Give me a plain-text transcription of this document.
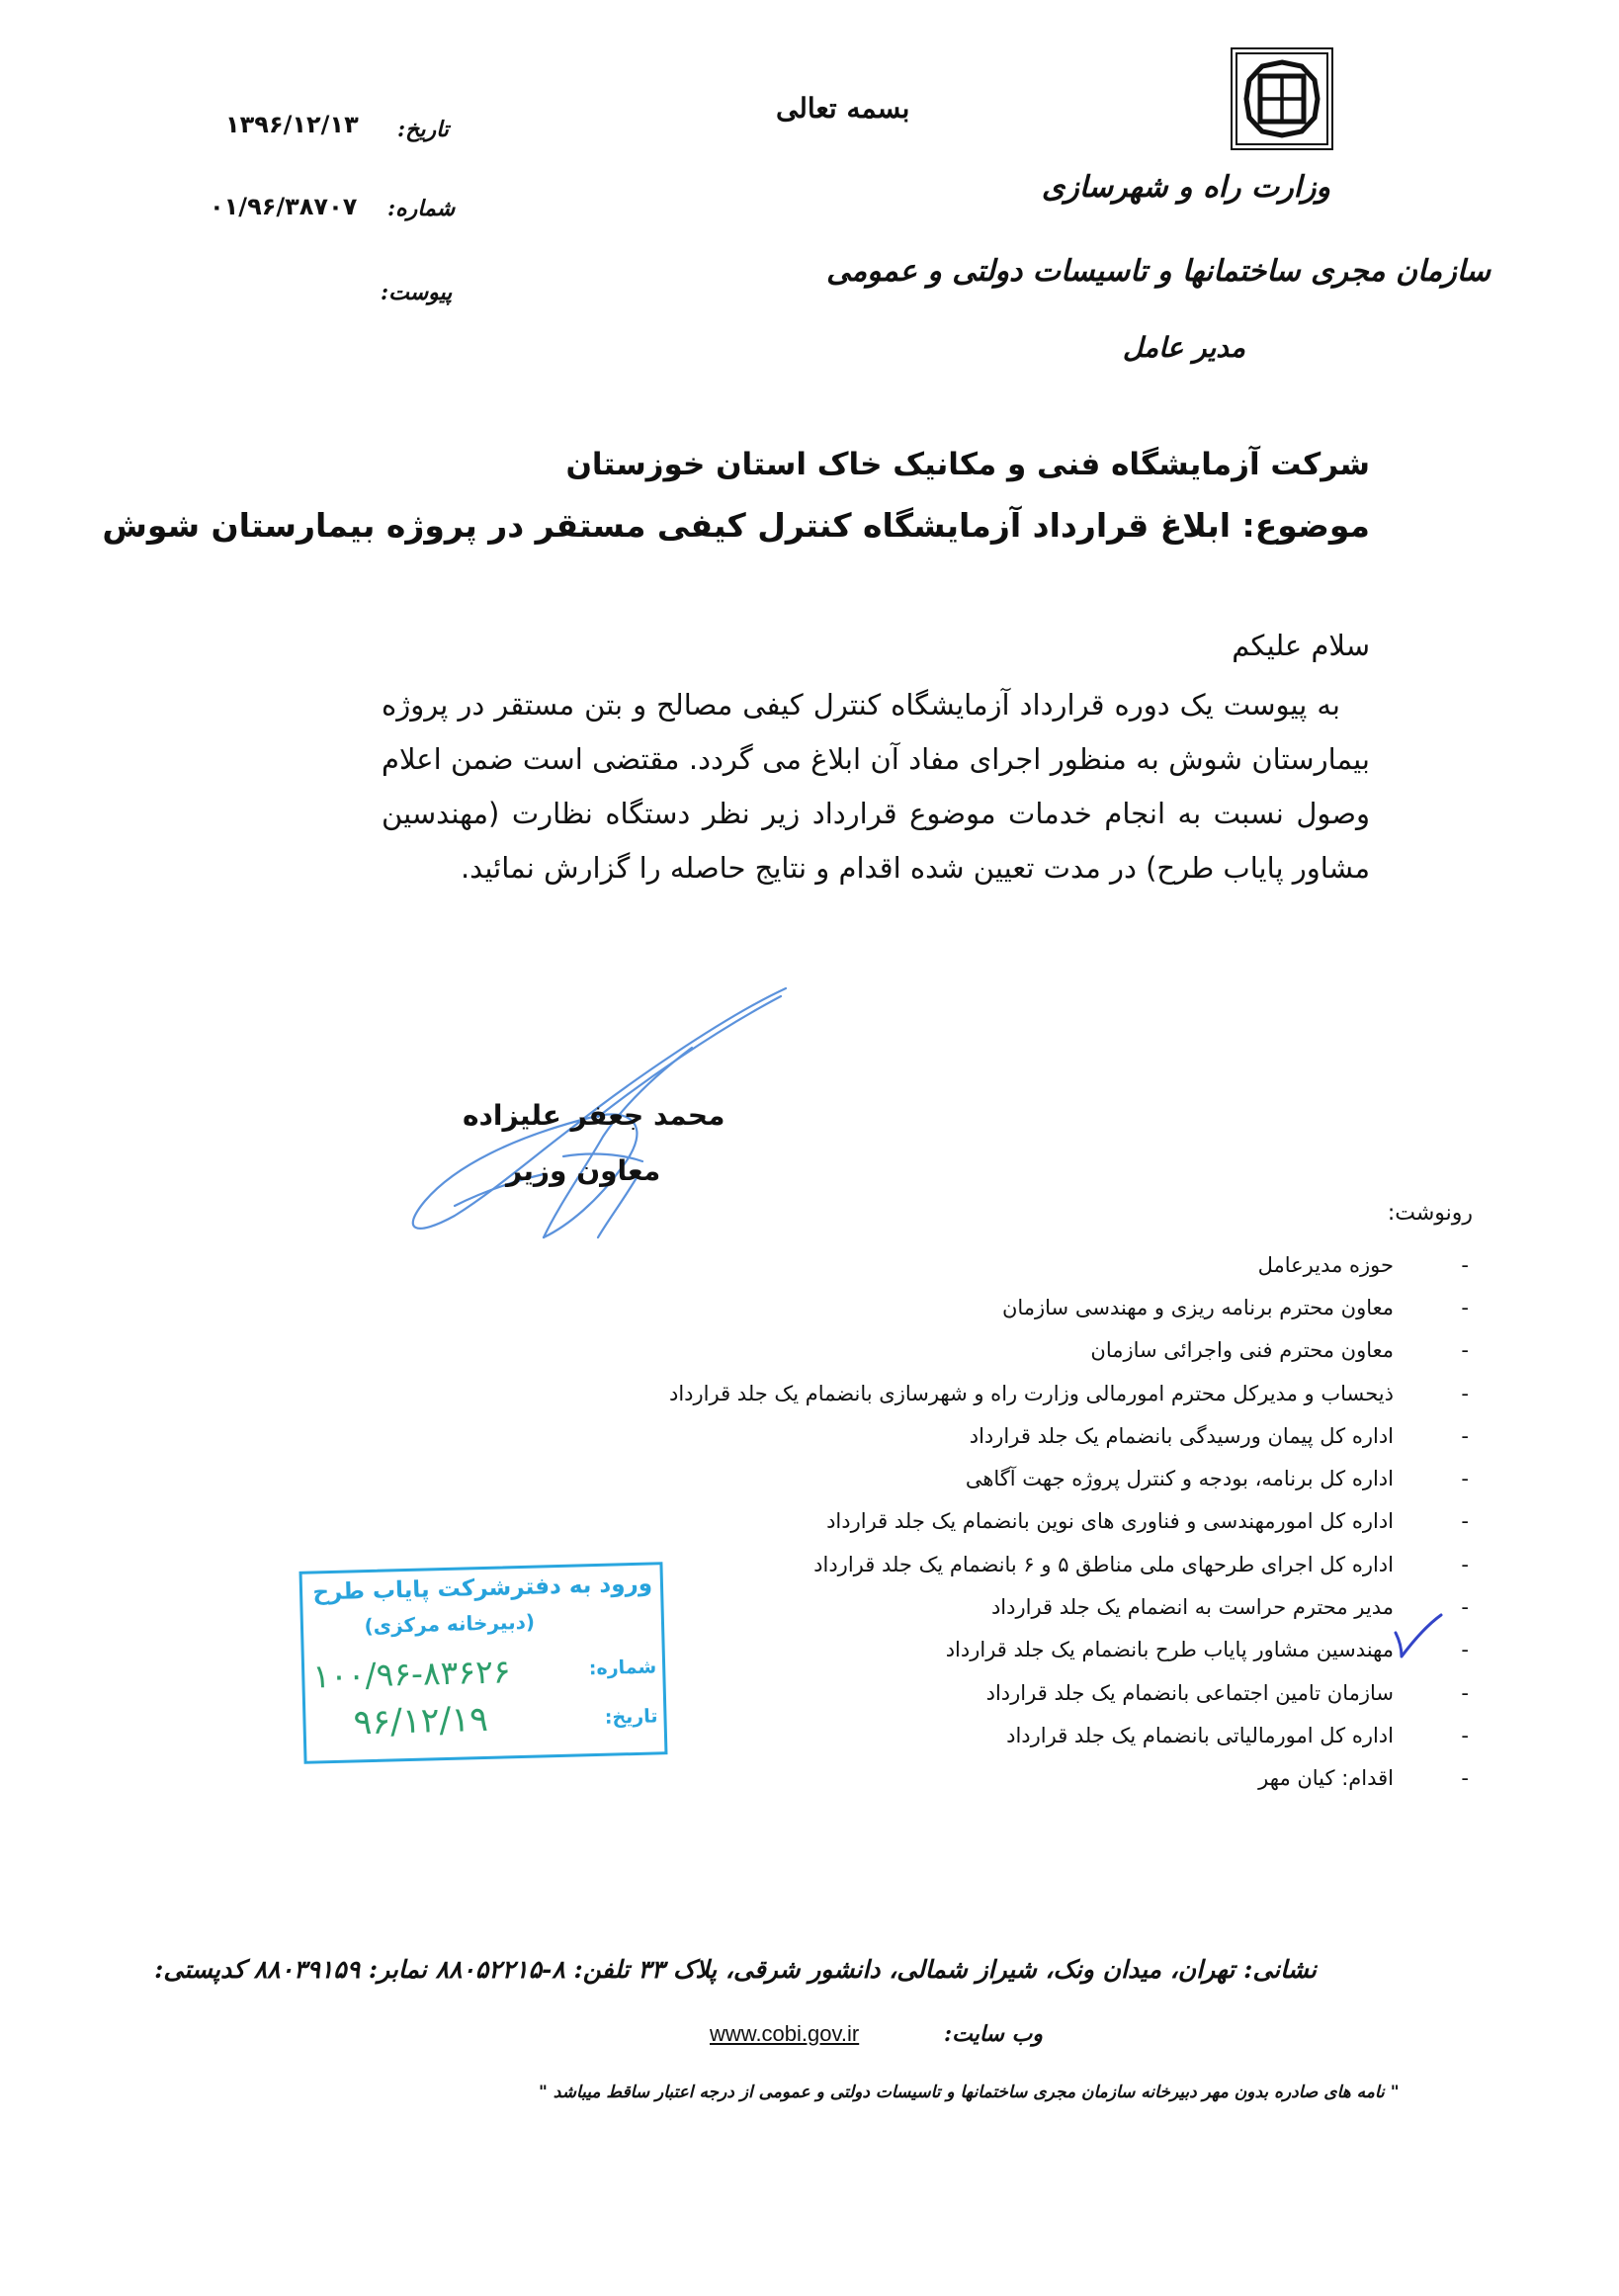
وزارت راه و شهرسازی
سازمان مجری ساختمانها و تاسیسات دولتی و عمومی
مدیر عامل
بسمه تعالی
تاریخ:
۱۳۹۶/۱۲/۱۳
شماره:
۰۱/۹۶/۳۸۷۰۷
پیوست:
شرکت آزمایشگاه فنی و مکانیک خاک استان خوزستان
موضوع: ابلاغ قرارداد آزمایشگاه کنترل کیفی مستقر در پروژه بیمارستان شوش
سلام علیکم
به پیوست یک دوره قرارداد آزمایشگاه کنترل کیفی مصالح و بتن مستقر در پروژه بیمارستان شوش به منظور اجرای مفاد آن ابلاغ می گردد. مقتضی است ضمن اعلام وصول نسبت به انجام خدمات موضوع قرارداد زیر نظر دستگاه نظارت (مهندسین مشاور پایاب طرح) در مدت تعیین شده اقدام و نتایج حاصله را گزارش نمائید.
محمد جعفر علیزاده
معاون وزیر
رونوشت:
-
حوزه مدیرعامل
-
معاون محترم برنامه ریزی و مهندسی سازمان
-
معاون محترم فنی واجرائی سازمان
-
ذیحساب و مدیرکل محترم امورمالی وزارت راه و شهرسازی بانضمام یک جلد قرارداد
-
اداره کل پیمان ورسیدگی بانضمام یک جلد قرارداد
-
اداره کل برنامه، بودجه و کنترل پروژه جهت آگاهی
-
اداره کل امورمهندسی و فناوری های نوین بانضمام یک جلد قرارداد
-
اداره کل اجرای طرحهای ملی مناطق ۵ و ۶ بانضمام یک جلد قرارداد
-
مدیر محترم حراست به انضمام یک جلد قرارداد
-
مهندسین مشاور پایاب طرح بانضمام یک جلد قرارداد
-
سازمان تامین اجتماعی بانضمام یک جلد قرارداد
-
اداره کل امورمالیاتی بانضمام یک جلد قرارداد
-
اقدام: کیان مهر
ورود به دفترشرکت پایاب طرح
(دبیرخانه مرکزی)
شماره:
۱۰۰/۹۶-۸۳۶۲۶
تاریخ:
۹۶/۱۲/۱۹
نشانی: تهران، میدان ونک، شیراز شمالی، دانشور شرقی، پلاک ۳۳ تلفن: ۸-۸۸۰۵۲۲۱۵ نمابر: ۸۸۰۳۹۱۵۹ کدپستی:
وب سایت:
www.cobi.gov.ir
" نامه های صادره بدون مهر دبیرخانه سازمان مجری ساختمانها و تاسیسات دولتی و عمومی از درجه اعتبار ساقط میباشد "
